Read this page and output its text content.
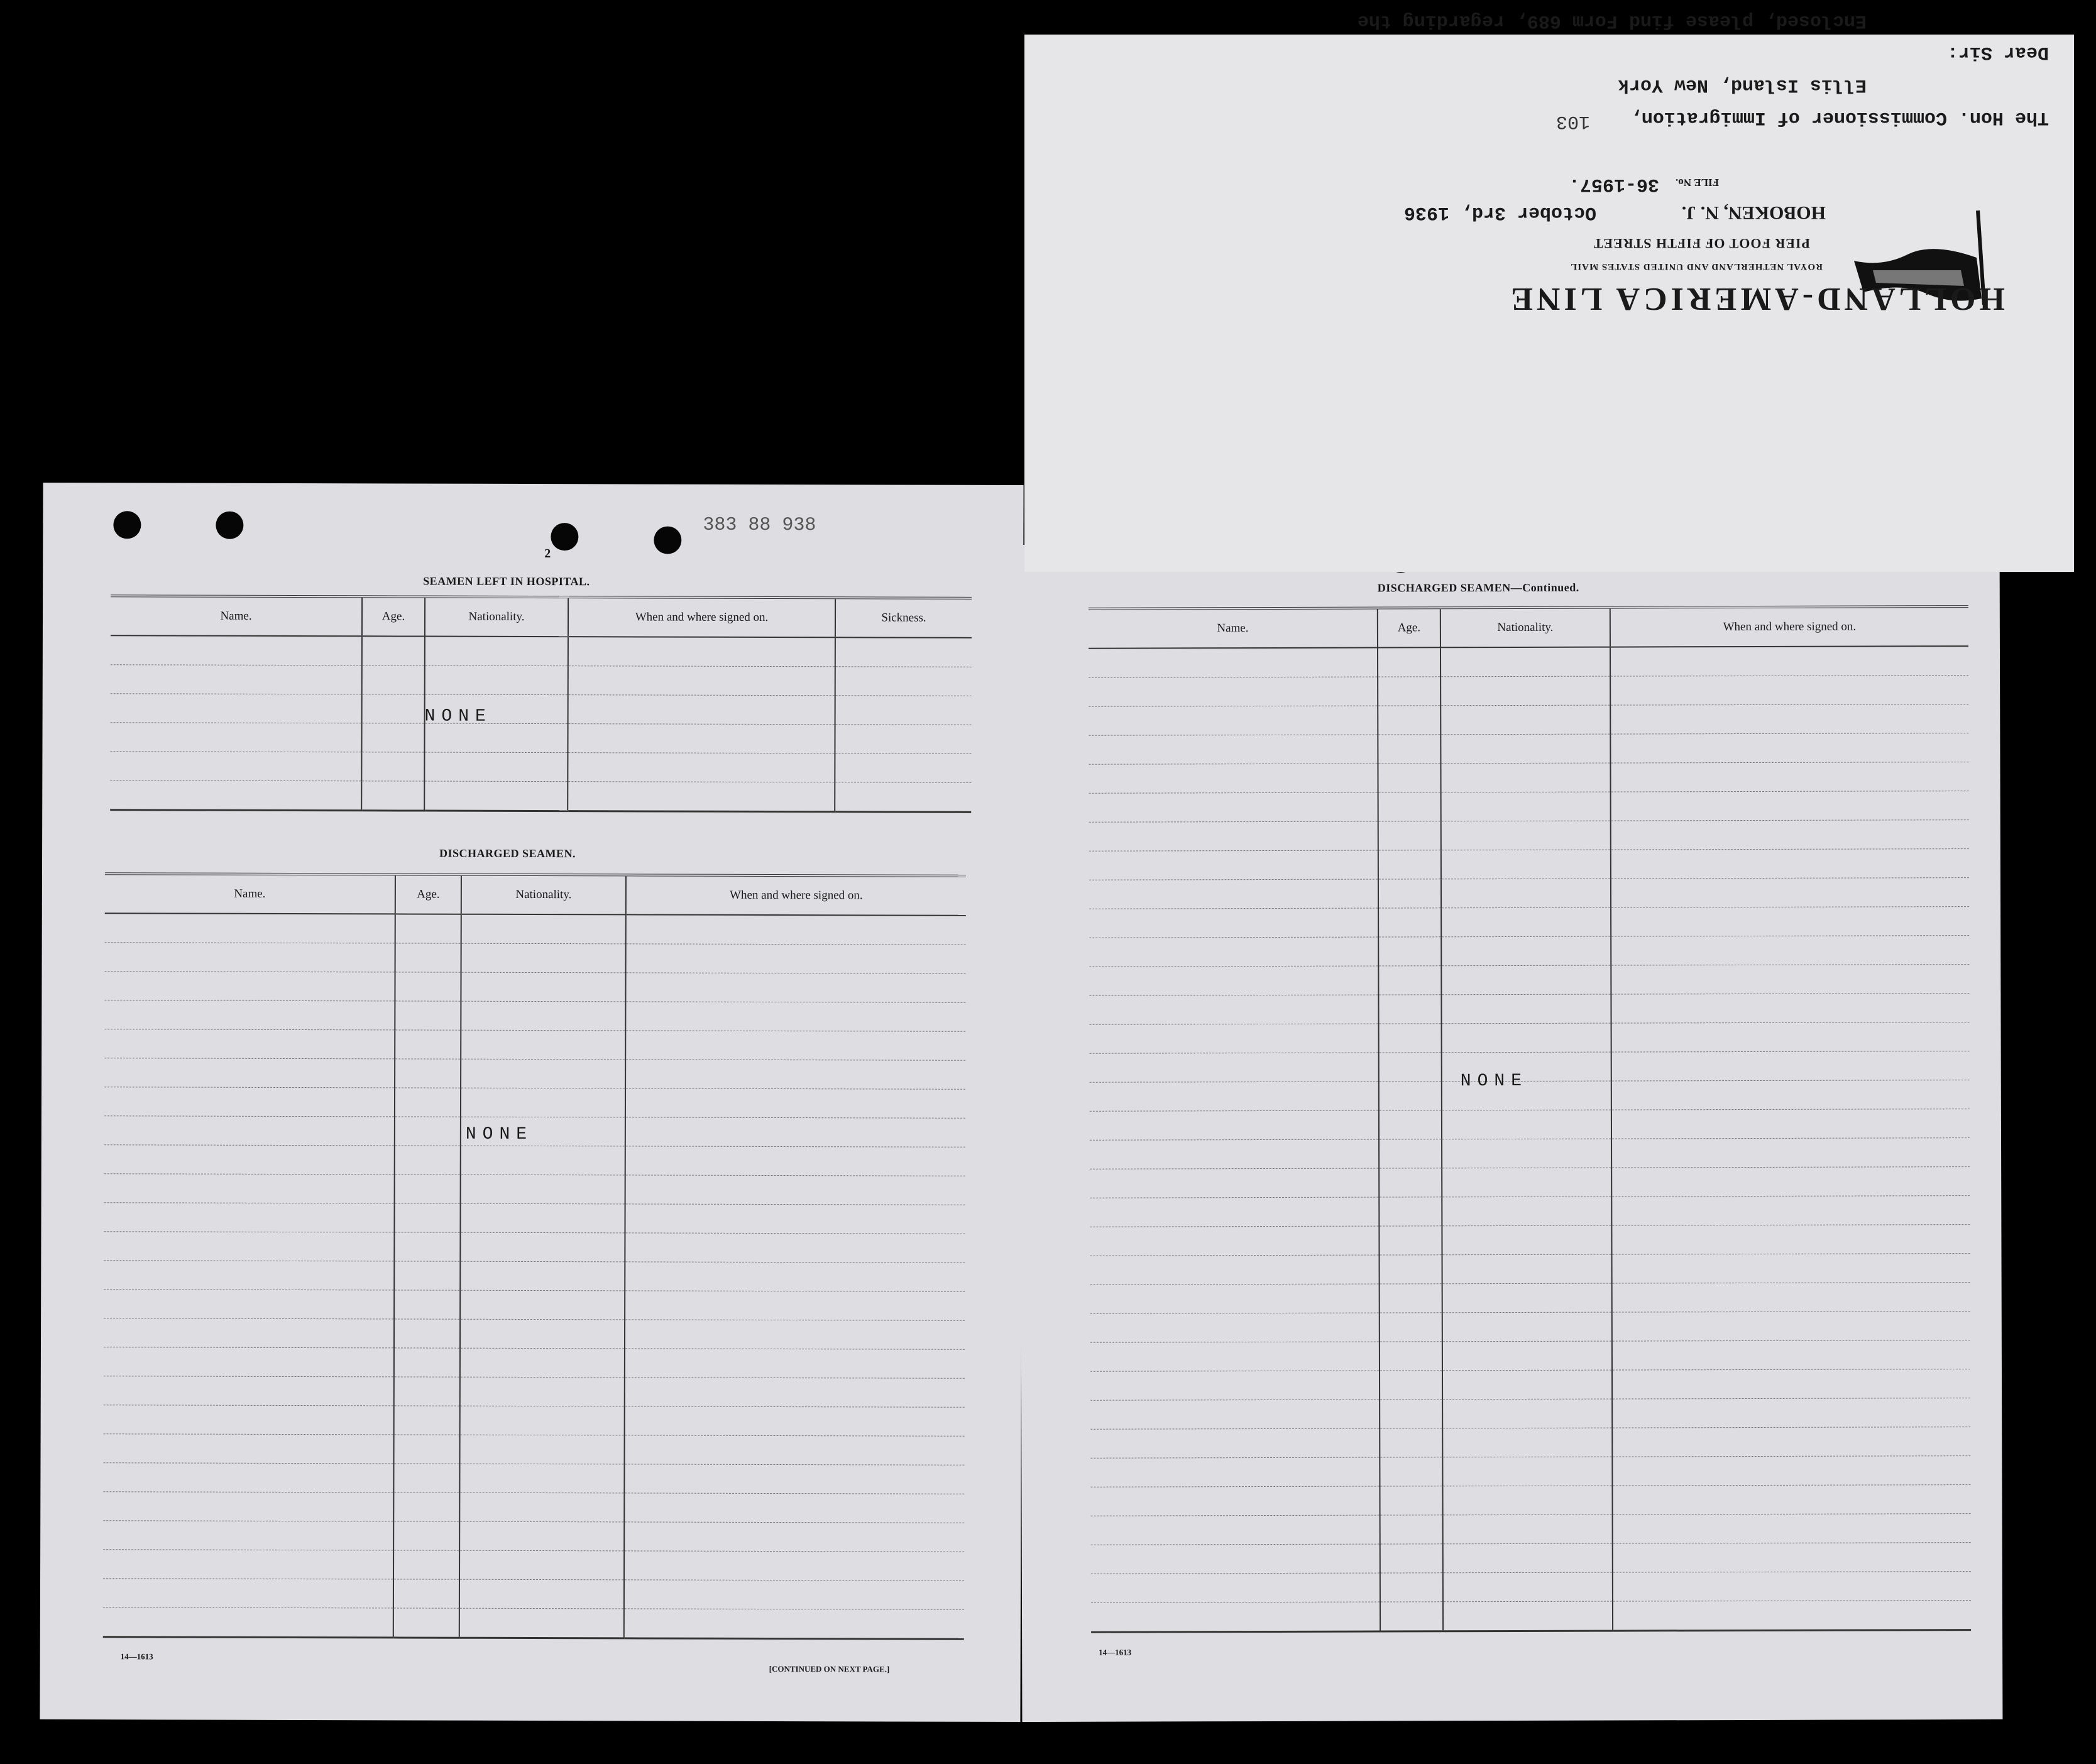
383 88 938
2
SEAMEN LEFT IN HOSPITAL.
Name.	Age.	Nationality.	When and where signed on.	Sickness.

NONE
DISCHARGED SEAMEN.
Name.	Age.	Nationality.	When and where signed on.

NONE
14—1613
[CONTINUED ON NEXT PAGE.]
DISCHARGED SEAMEN—Continued.
Name.	Age.	Nationality.	When and where signed on.

NONE
14—1613
HOLLAND-AMERICA LINE
ROYAL NETHERLAND AND UNITED STATES MAIL
PIER FOOT OF FIFTH STREET
HOBOKEN, N. J.
October 3rd, 1936
FILE No.
36-1957.
103 The Hon. Commissioner of Immigration,
Ellis Island, New York
Dear Sir:
Enclosed, please find Form 689, regarding the
